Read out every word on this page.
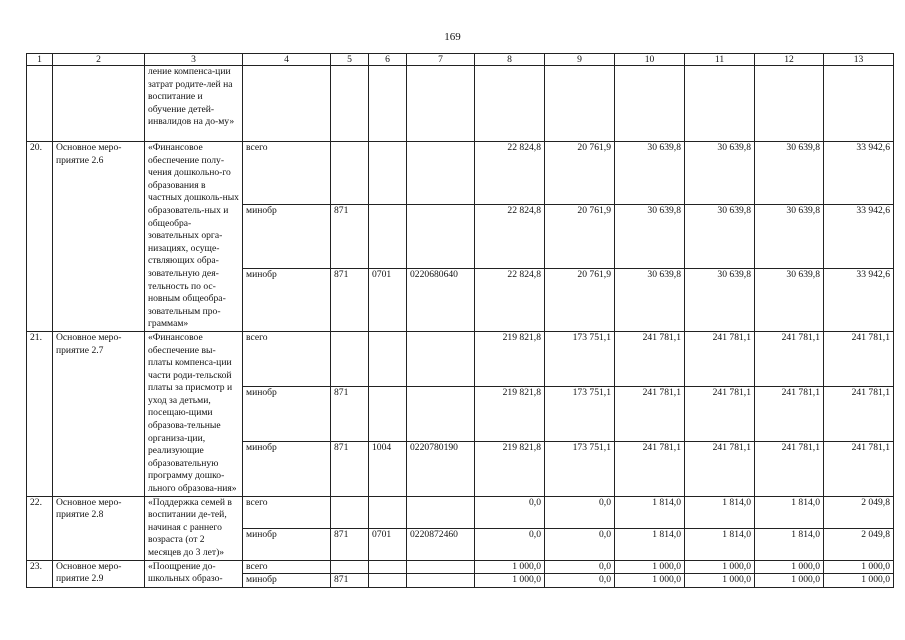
169
1	2	3	4	5	6	7	8	9	10	11	12	13
		ление компенса-ции затрат родите-лей на воспитание и обучение детей-инвалидов на до-му»										
20.	Основное меро-приятие 2.6	«Финансовое обеспечение полу-чения дошкольно-го образования в частных дошколь-ных образователь-ных и общеобра-зовательных орга-низациях, осуще-ствляющих обра-зовательную дея-тельность по ос-новным общеобра-зовательным про-граммам»	всего				22 824,8	20 761,9	30 639,8	30 639,8	30 639,8	33 942,6
			минобр	871			22 824,8	20 761,9	30 639,8	30 639,8	30 639,8	33 942,6
			минобр	871	0701	0220680640	22 824,8	20 761,9	30 639,8	30 639,8	30 639,8	33 942,6
21.	Основное меро-приятие 2.7	«Финансовое обеспечение вы-платы компенса-ции части роди-тельской платы за присмотр и уход за детьми, посещаю-щими образова-тельные организа-ции, реализующие образовательную программу дошко-льного образова-ния»	всего				219 821,8	173 751,1	241 781,1	241 781,1	241 781,1	241 781,1
			минобр	871			219 821,8	173 751,1	241 781,1	241 781,1	241 781,1	241 781,1
			минобр	871	1004	0220780190	219 821,8	173 751,1	241 781,1	241 781,1	241 781,1	241 781,1
22.	Основное меро-приятие 2.8	«Поддержка семей в воспитании де-тей, начиная с раннего возраста (от 2 месяцев до 3 лет)»	всего				0,0	0,0	1 814,0	1 814,0	1 814,0	2 049,8
			минобр	871	0701	0220872460	0,0	0,0	1 814,0	1 814,0	1 814,0	2 049,8
23.	Основное меро-приятие 2.9	«Поощрение до-школьных образо-	всего				1 000,0	0,0	1 000,0	1 000,0	1 000,0	1 000,0
			минобр	871			1 000,0	0,0	1 000,0	1 000,0	1 000,0	1 000,0
